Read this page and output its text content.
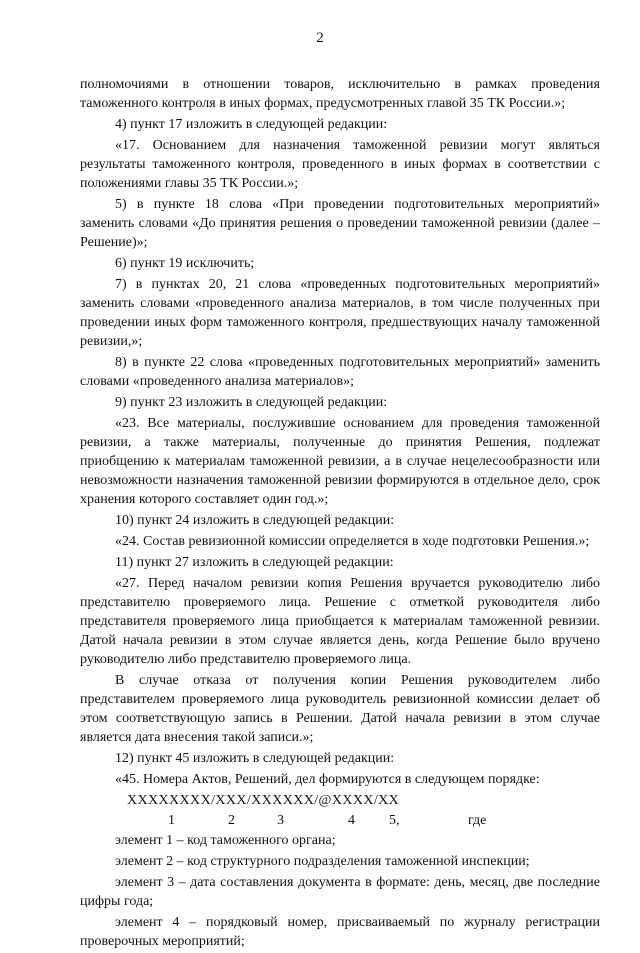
2

полномочиями в отношении товаров, исключительно в рамках проведения таможенного контроля в иных формах, предусмотренных главой 35 ТК России.»;

4) пункт 17 изложить в следующей редакции:

«17. Основанием для назначения таможенной ревизии могут являться результаты таможенного контроля, проведенного в иных формах в соответствии с положениями главы 35 ТК России.»;

5) в пункте 18 слова «При проведении подготовительных мероприятий» заменить словами «До принятия решения о проведении таможенной ревизии (далее – Решение)»;

6) пункт 19 исключить;

7) в пунктах 20, 21 слова «проведенных подготовительных мероприятий» заменить словами «проведенного анализа материалов, в том числе полученных при проведении иных форм таможенного контроля, предшествующих началу таможенной ревизии,»;

8) в пункте 22 слова «проведенных подготовительных мероприятий» заменить словами «проведенного анализа материалов»;

9) пункт 23 изложить в следующей редакции:

«23. Все материалы, послужившие основанием для проведения таможенной ревизии, а также материалы, полученные до принятия Решения, подлежат приобщению к материалам таможенной ревизии, а в случае нецелесообразности или невозможности назначения таможенной ревизии формируются в отдельное дело, срок хранения которого составляет один год.»;

10) пункт 24 изложить в следующей редакции:

«24. Состав ревизионной комиссии определяется в ходе подготовки Решения.»;

11) пункт 27 изложить в следующей редакции:

«27. Перед началом ревизии копия Решения вручается руководителю либо представителю проверяемого лица. Решение с отметкой руководителя либо представителя проверяемого лица приобщается к материалам таможенной ревизии. Датой начала ревизии в этом случае является день, когда Решение было вручено руководителю либо представителю проверяемого лица.

В случае отказа от получения копии Решения руководителем либо представителем проверяемого лица руководитель ревизионной комиссии делает об этом соответствующую запись в Решении. Датой начала ревизии в этом случае является дата внесения такой записи.»;

12) пункт 45 изложить в следующей редакции:

«45. Номера Актов, Решений, дел формируются в следующем порядке:

XXXXXXXX/XXX/XXXXXX/@XXXX/XX
1	2	3	4 5,	где

элемент 1 – код таможенного органа;

элемент 2 – код структурного подразделения таможенной инспекции;

элемент 3 – дата составления документа в формате: день, месяц, две последние цифры года;

элемент 4 – порядковый номер, присваиваемый по журналу регистрации проверочных мероприятий;
